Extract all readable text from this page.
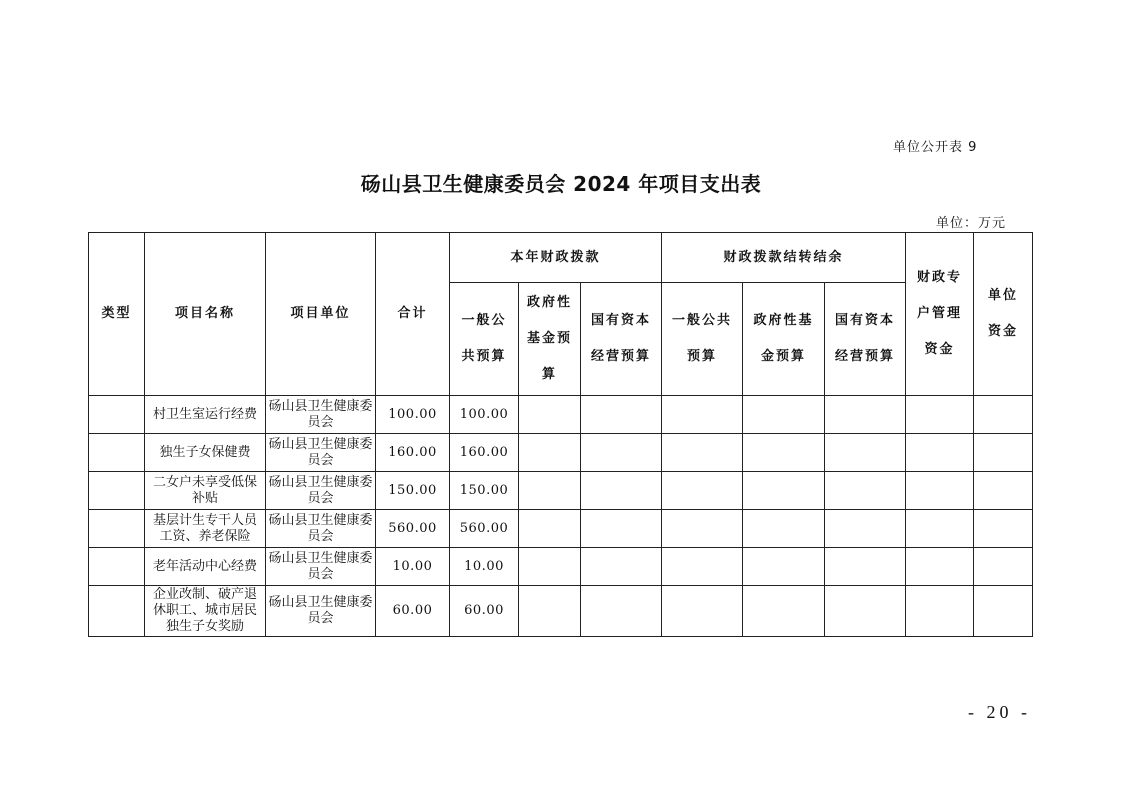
单位公开表 9
砀山县卫生健康委员会 2024 年项目支出表
单位：万元
类型	项目名称	项目单位	合计	本年财政拨款			财政拨款结转结余			财政专户管理资金	单位资金
				一般公共预算	政府性基金预算	国有资本经营预算	一般公共预算	政府性基金预算	国有资本经营预算		
	村卫生室运行经费	砀山县卫生健康委员会	100.00	100.00							
	独生子女保健费	砀山县卫生健康委员会	160.00	160.00							
	二女户未享受低保补贴	砀山县卫生健康委员会	150.00	150.00							
	基层计生专干人员工资、养老保险	砀山县卫生健康委员会	560.00	560.00							
	老年活动中心经费	砀山县卫生健康委员会	10.00	10.00							
	企业改制、破产退休职工、城市居民独生子女奖励	砀山县卫生健康委员会	60.00	60.00							
- 20 -
